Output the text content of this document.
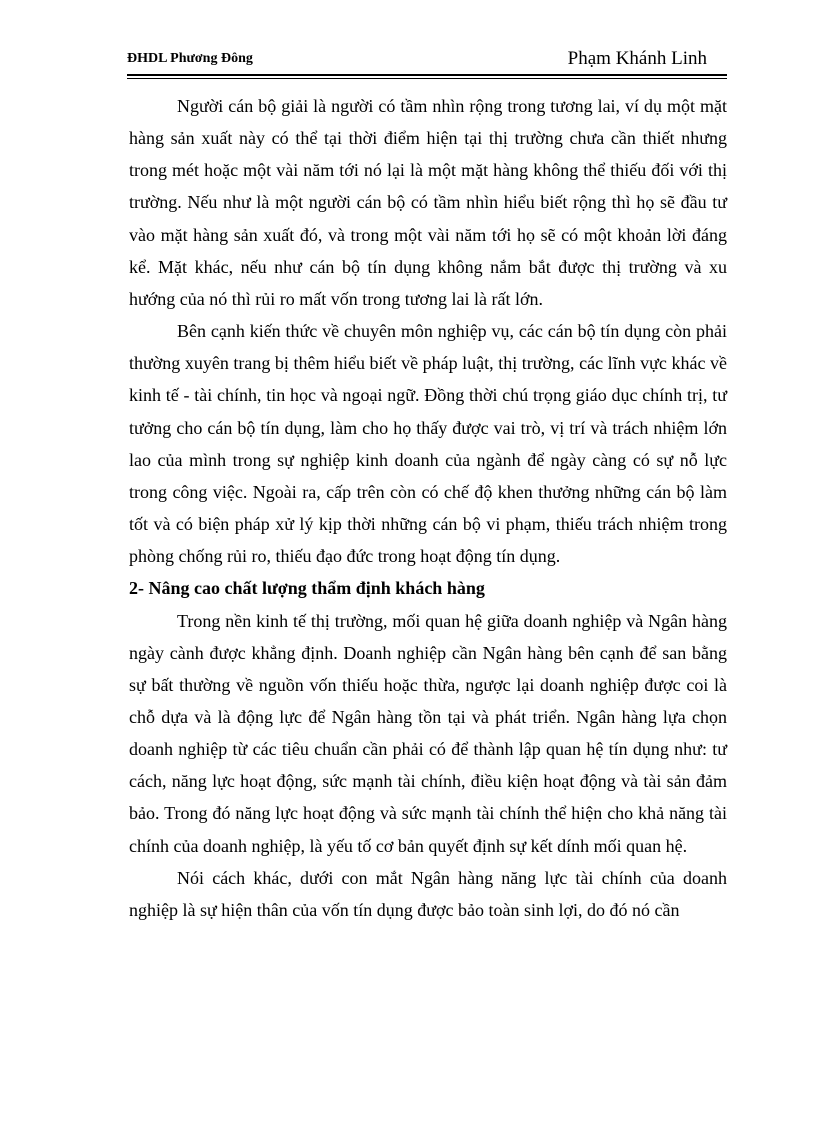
ĐHDL Phương Đông	Phạm Khánh Linh

Người cán bộ giải là người có tầm nhìn rộng trong tương lai, ví dụ một mặt hàng sản xuất này có thể tại thời điểm hiện tại thị trường chưa cần thiết nhưng trong mét hoặc một vài năm tới nó lại là một mặt hàng không thể thiếu đối với thị trường. Nếu như là một người cán bộ có tầm nhìn hiểu biết rộng thì họ sẽ đầu tư vào mặt hàng sản xuất đó, và trong một vài năm tới họ sẽ có một khoản lời đáng kể. Mặt khác, nếu như cán bộ tín dụng không nắm bắt được thị trường và xu hướng của nó thì rủi ro mất vốn trong tương lai là rất lớn.

Bên cạnh kiến thức về chuyên môn nghiệp vụ, các cán bộ tín dụng còn phải thường xuyên trang bị thêm hiểu biết về pháp luật, thị trường, các lĩnh vực khác về kinh tế - tài chính, tin học và ngoại ngữ. Đồng thời chú trọng giáo dục chính trị, tư tưởng cho cán bộ tín dụng, làm cho họ thấy được vai trò, vị trí và trách nhiệm lớn lao của mình trong sự nghiệp kinh doanh của ngành để ngày càng có sự nỗ lực trong công việc. Ngoài ra, cấp trên còn có chế độ khen thưởng những cán bộ làm tốt và có biện pháp xử lý kịp thời những cán bộ vi phạm, thiếu trách nhiệm trong phòng chống rủi ro, thiếu đạo đức trong hoạt động tín dụng.

2- Nâng cao chất lượng thẩm định khách hàng

Trong nền kinh tế thị trường, mối quan hệ giữa doanh nghiệp và Ngân hàng ngày cành được khẳng định. Doanh nghiệp cần Ngân hàng bên cạnh để san bằng sự bất thường về nguồn vốn thiếu hoặc thừa, ngược lại doanh nghiệp được coi là chỗ dựa và là động lực để Ngân hàng tồn tại và phát triển. Ngân hàng lựa chọn doanh nghiệp từ các tiêu chuẩn cần phải có để thành lập quan hệ tín dụng như: tư cách, năng lực hoạt động, sức mạnh tài chính, điều kiện hoạt động và tài sản đảm bảo. Trong đó năng lực hoạt động và sức mạnh tài chính thể hiện cho khả năng tài chính của doanh nghiệp, là yếu tố cơ bản quyết định sự kết dính mối quan hệ.

Nói cách khác, dưới con mắt Ngân hàng năng lực tài chính của doanh nghiệp là sự hiện thân của vốn tín dụng được bảo toàn sinh lợi, do đó nó cần
